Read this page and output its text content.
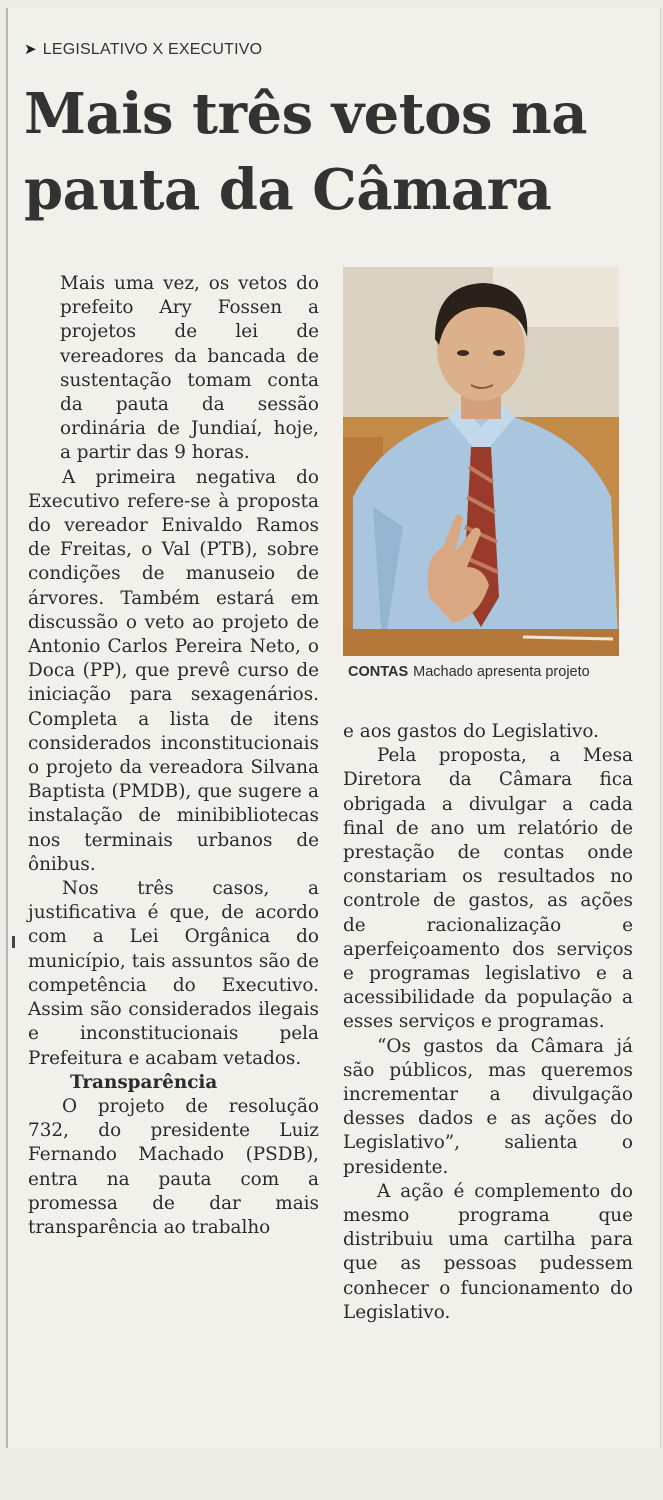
➤ LEGISLATIVO X EXECUTIVO
Mais três vetos na pauta da Câmara

Mais uma vez, os vetos do prefeito Ary Fossen a projetos de lei de vereadores da bancada de sustentação tomam conta da pauta da sessão ordinária de Jundiaí, hoje, a partir das 9 horas.

A primeira negativa do Executivo refere-se à proposta do vereador Enivaldo Ramos de Freitas, o Val (PTB), sobre condições de manuseio de árvores. Também estará em discussão o veto ao projeto de Antonio Carlos Pereira Neto, o Doca (PP), que prevê curso de iniciação para sexagenários. Completa a lista de itens considerados inconstitucionais o projeto da vereadora Silvana Baptista (PMDB), que sugere a instalação de minibibliotecas nos terminais urbanos de ônibus.

Nos três casos, a justificativa é que, de acordo com a Lei Orgânica do município, tais assuntos são de competência do Executivo. Assim são considerados ilegais e inconstitucionais pela Prefeitura e acabam vetados.

Transparência

O projeto de resolução 732, do presidente Luiz Fernando Machado (PSDB), entra na pauta com a promessa de dar mais transparência ao trabalho

CONTAS Machado apresenta projeto

e aos gastos do Legislativo.

Pela proposta, a Mesa Diretora da Câmara fica obrigada a divulgar a cada final de ano um relatório de prestação de contas onde constariam os resultados no controle de gastos, as ações de racionalização e aperfeiçoamento dos serviços e programas legislativo e a acessibilidade da população a esses serviços e programas.

“Os gastos da Câmara já são públicos, mas queremos incrementar a divulgação desses dados e as ações do Legislativo”, salienta o presidente.

A ação é complemento do mesmo programa que distribuiu uma cartilha para que as pessoas pudessem conhecer o funcionamento do Legislativo.
